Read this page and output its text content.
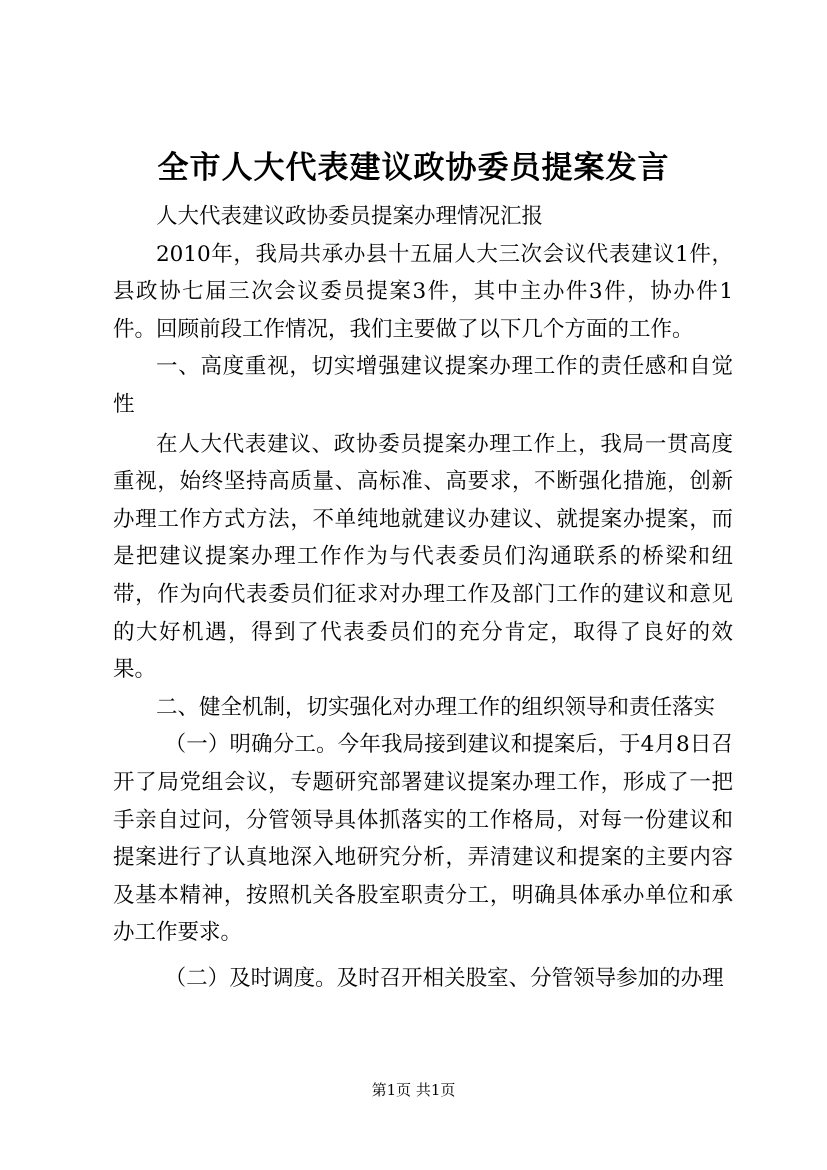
全市人大代表建议政协委员提案发言

人大代表建议政协委员提案办理情况汇报

2010年，我局共承办县十五届人大三次会议代表建议1件，县政协七届三次会议委员提案3件，其中主办件3件，协办件1件。回顾前段工作情况，我们主要做了以下几个方面的工作。

一、高度重视，切实增强建议提案办理工作的责任感和自觉性

在人大代表建议、政协委员提案办理工作上，我局一贯高度重视，始终坚持高质量、高标准、高要求，不断强化措施，创新办理工作方式方法，不单纯地就建议办建议、就提案办提案，而是把建议提案办理工作作为与代表委员们沟通联系的桥梁和纽带，作为向代表委员们征求对办理工作及部门工作的建议和意见的大好机遇，得到了代表委员们的充分肯定，取得了良好的效果。

二、健全机制，切实强化对办理工作的组织领导和责任落实

（一）明确分工。今年我局接到建议和提案后，于4月8日召开了局党组会议，专题研究部署建议提案办理工作，形成了一把手亲自过问，分管领导具体抓落实的工作格局，对每一份建议和提案进行了认真地深入地研究分析，弄清建议和提案的主要内容及基本精神，按照机关各股室职责分工，明确具体承办单位和承办工作要求。

（二）及时调度。及时召开相关股室、分管领导参加的办理

第1页 共1页
